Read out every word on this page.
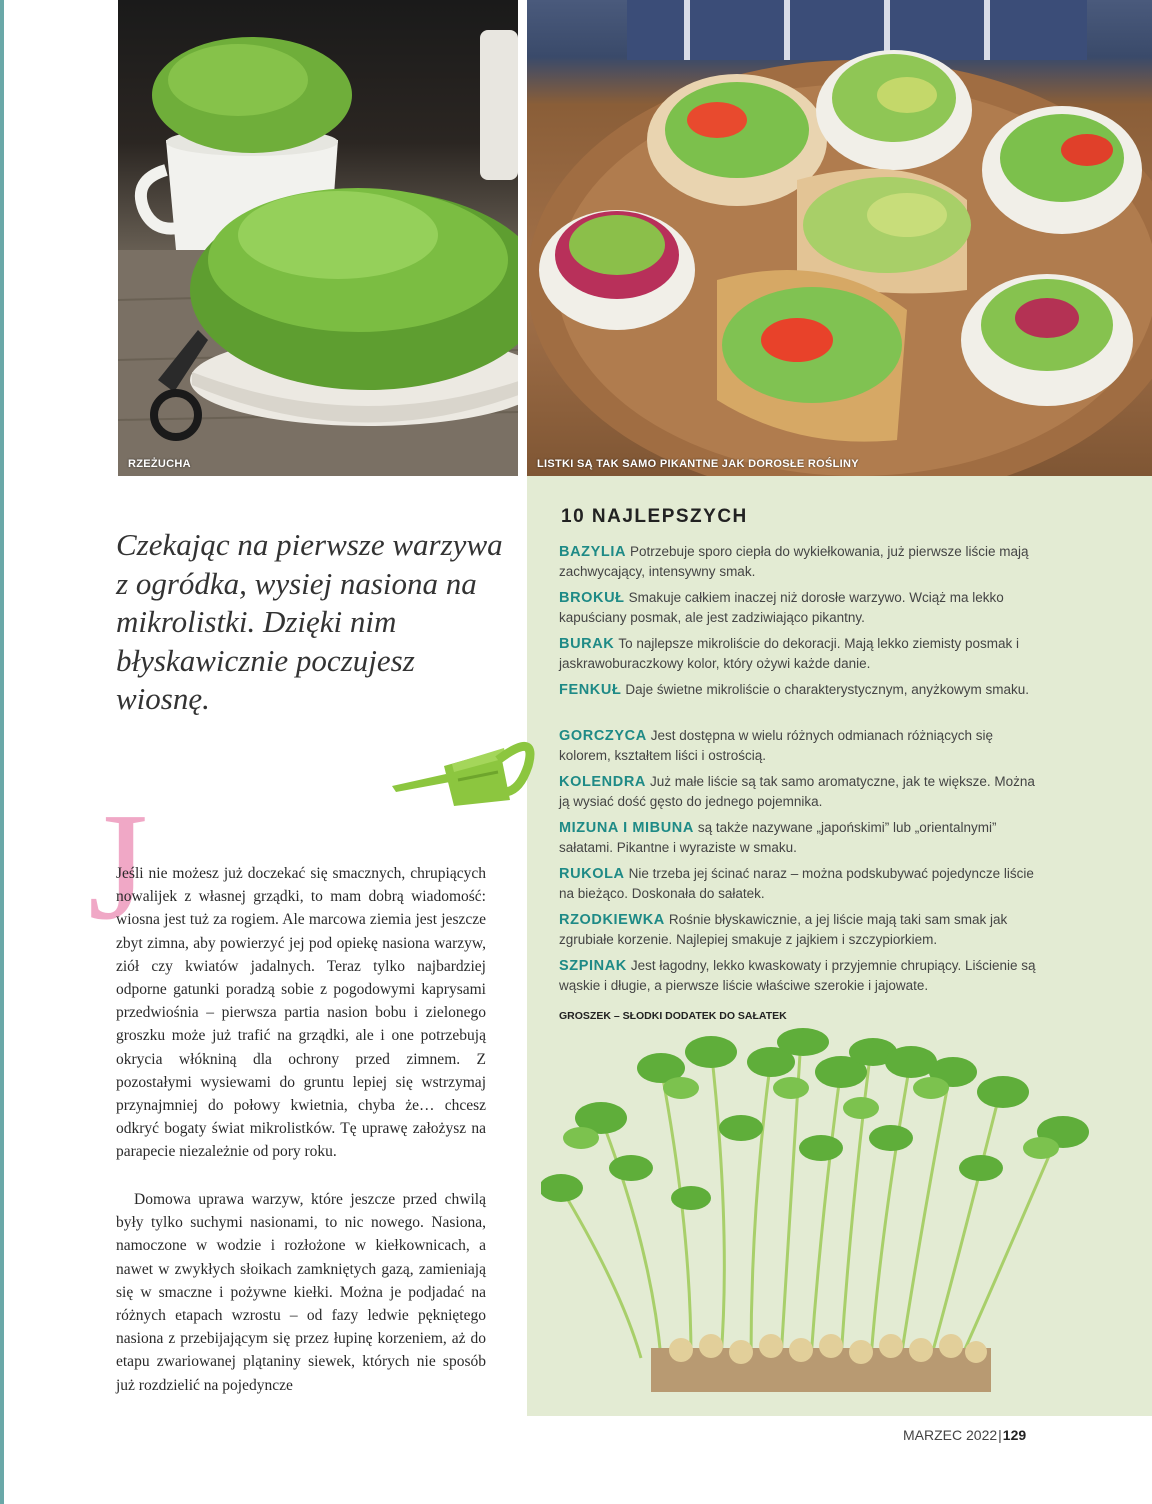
RZEŻUCHA	LISTKI SĄ TAK SAMO PIKANTNE JAK DOROSŁE ROŚLINY
10 NAJLEPSZYCH
BAZYLIA Potrzebuje sporo ciepła do wykiełkowania, już pierwsze liście mają zachwycający, intensywny smak.
BROKUŁ Smakuje całkiem inaczej niż dorosłe warzywo. Wciąż ma lekko kapuściany posmak, ale jest zadziwiająco pikantny.
BURAK To najlepsze mikroliście do dekoracji. Mają lekko ziemisty posmak i jaskrawoburaczkowy kolor, który ożywi każde danie.
FENKUŁ Daje świetne mikroliście o charakterystycznym, anyżkowym smaku.
GORCZYCA Jest dostępna w wielu różnych odmianach różniących się kolorem, kształtem liści i ostrością.
KOLENDRA Już małe liście są tak samo aromatyczne, jak te większe. Można ją wysiać dość gęsto do jednego pojemnika.
MIZUNA I MIBUNA są także nazywane „japońskimi” lub „orientalnymi” sałatami. Pikantne i wyraziste w smaku.
RUKOLA Nie trzeba jej ścinać naraz – można podskubywać pojedyncze liście na bieżąco. Doskonała do sałatek.
RZODKIEWKA Rośnie błyskawicznie, a jej liście mają taki sam smak jak zgrubiałe korzenie. Najlepiej smakuje z jajkiem i szczypiorkiem.
SZPINAK Jest łagodny, lekko kwaskowaty i przyjemnie chrupiący. Liścienie są wąskie i długie, a pierwsze liście właściwe szerokie i jajowate.

GROSZEK – SŁODKI DODATEK DO SAŁATEK

Czekając na pierwsze warzywa z ogródka, wysiej nasiona na mikrolistki. Dzięki nim błyskawicznie poczujesz wiosnę.

J

Jeśli nie możesz już doczekać się smacznych, chrupiących nowalijek z własnej grządki, to mam dobrą wiadomość: wiosna jest tuż za rogiem. Ale marcowa ziemia jest jeszcze zbyt zimna, aby powierzyć jej pod opiekę nasiona warzyw, ziół czy kwiatów jadalnych. Teraz tylko najbardziej odporne gatunki poradzą sobie z pogodowymi kaprysami przedwiośnia – pierwsza partia nasion bobu i zielonego groszku może już trafić na grządki, ale i one potrzebują okrycia włókniną dla ochrony przed zimnem. Z pozostałymi wysiewami do gruntu lepiej się wstrzymaj przynajmniej do połowy kwietnia, chyba że… chcesz odkryć bogaty świat mikrolistków. Tę uprawę założysz na parapecie niezależnie od pory roku.

Domowa uprawa warzyw, które jeszcze przed chwilą były tylko suchymi nasionami, to nic nowego. Nasiona, namoczone w wodzie i rozłożone w kiełkownicach, a nawet w zwykłych słoikach zamkniętych gazą, zamieniają się w smaczne i pożywne kiełki. Można je podjadać na różnych etapach wzrostu – od fazy ledwie pękniętego nasiona z przebijającym się przez łupinę korzeniem, aż do etapu zwariowanej plątaniny siewek, których nie sposób już rozdzielić na pojedyncze

MARZEC 2022|129
